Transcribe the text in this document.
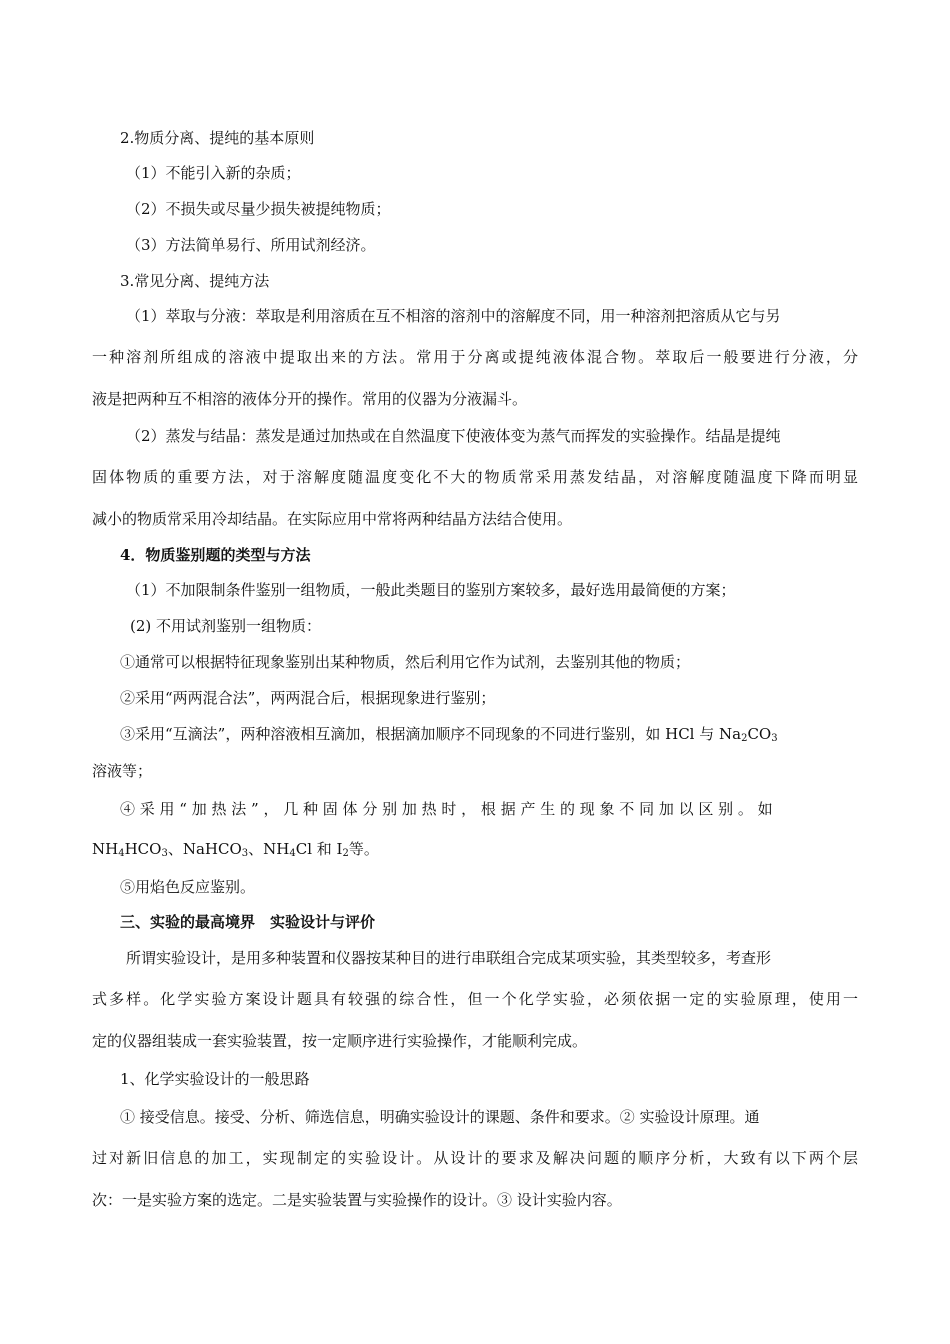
2.物质分离、提纯的基本原则
（1）不能引入新的杂质；
（2）不损失或尽量少损失被提纯物质；
（3）方法简单易行、所用试剂经济。
3.常见分离、提纯方法
（1）萃取与分液：萃取是利用溶质在互不相溶的溶剂中的溶解度不同，用一种溶剂把溶质从它与另
一种溶剂所组成的溶液中提取出来的方法。常用于分离或提纯液体混合物。萃取后一般要进行分液，分
液是把两种互不相溶的液体分开的操作。常用的仪器为分液漏斗。
（2）蒸发与结晶：蒸发是通过加热或在自然温度下使液体变为蒸气而挥发的实验操作。结晶是提纯
固体物质的重要方法，对于溶解度随温度变化不大的物质常采用蒸发结晶，对溶解度随温度下降而明显
减小的物质常采用冷却结晶。在实际应用中常将两种结晶方法结合使用。
4．物质鉴别题的类型与方法
（1）不加限制条件鉴别一组物质，一般此类题目的鉴别方案较多，最好选用最简便的方案；
(2) 不用试剂鉴别一组物质：
①通常可以根据特征现象鉴别出某种物质，然后利用它作为试剂，去鉴别其他的物质；
②采用“两两混合法”，两两混合后，根据现象进行鉴别；
③采用“互滴法”，两种溶液相互滴加，根据滴加顺序不同现象的不同进行鉴别，如 HCl 与 $Na_2CO_3$
溶液等；
④ 采 用 “ 加 热 法 ” ， 几 种 固 体 分 别 加 热 时 ， 根 据 产 生 的 现 象 不 同 加 以 区 别 。 如
$NH_4HCO_3$、NaHCO$_3$、$NH_4Cl$ 和 $I_2$等。
⑤用焰色反应鉴别。
三、实验的最高境界　实验设计与评价
所谓实验设计，是用多种装置和仪器按某种目的进行串联组合完成某项实验，其类型较多，考查形
式多样。化学实验方案设计题具有较强的综合性，但一个化学实验，必须依据一定的实验原理，使用一
定的仪器组装成一套实验装置，按一定顺序进行实验操作，才能顺利完成。
1、化学实验设计的一般思路
① 接受信息。接受、分析、筛选信息，明确实验设计的课题、条件和要求。② 实验设计原理。通
过对新旧信息的加工，实现制定的实验设计。从设计的要求及解决问题的顺序分析，大致有以下两个层
次：一是实验方案的选定。二是实验装置与实验操作的设计。③ 设计实验内容。
